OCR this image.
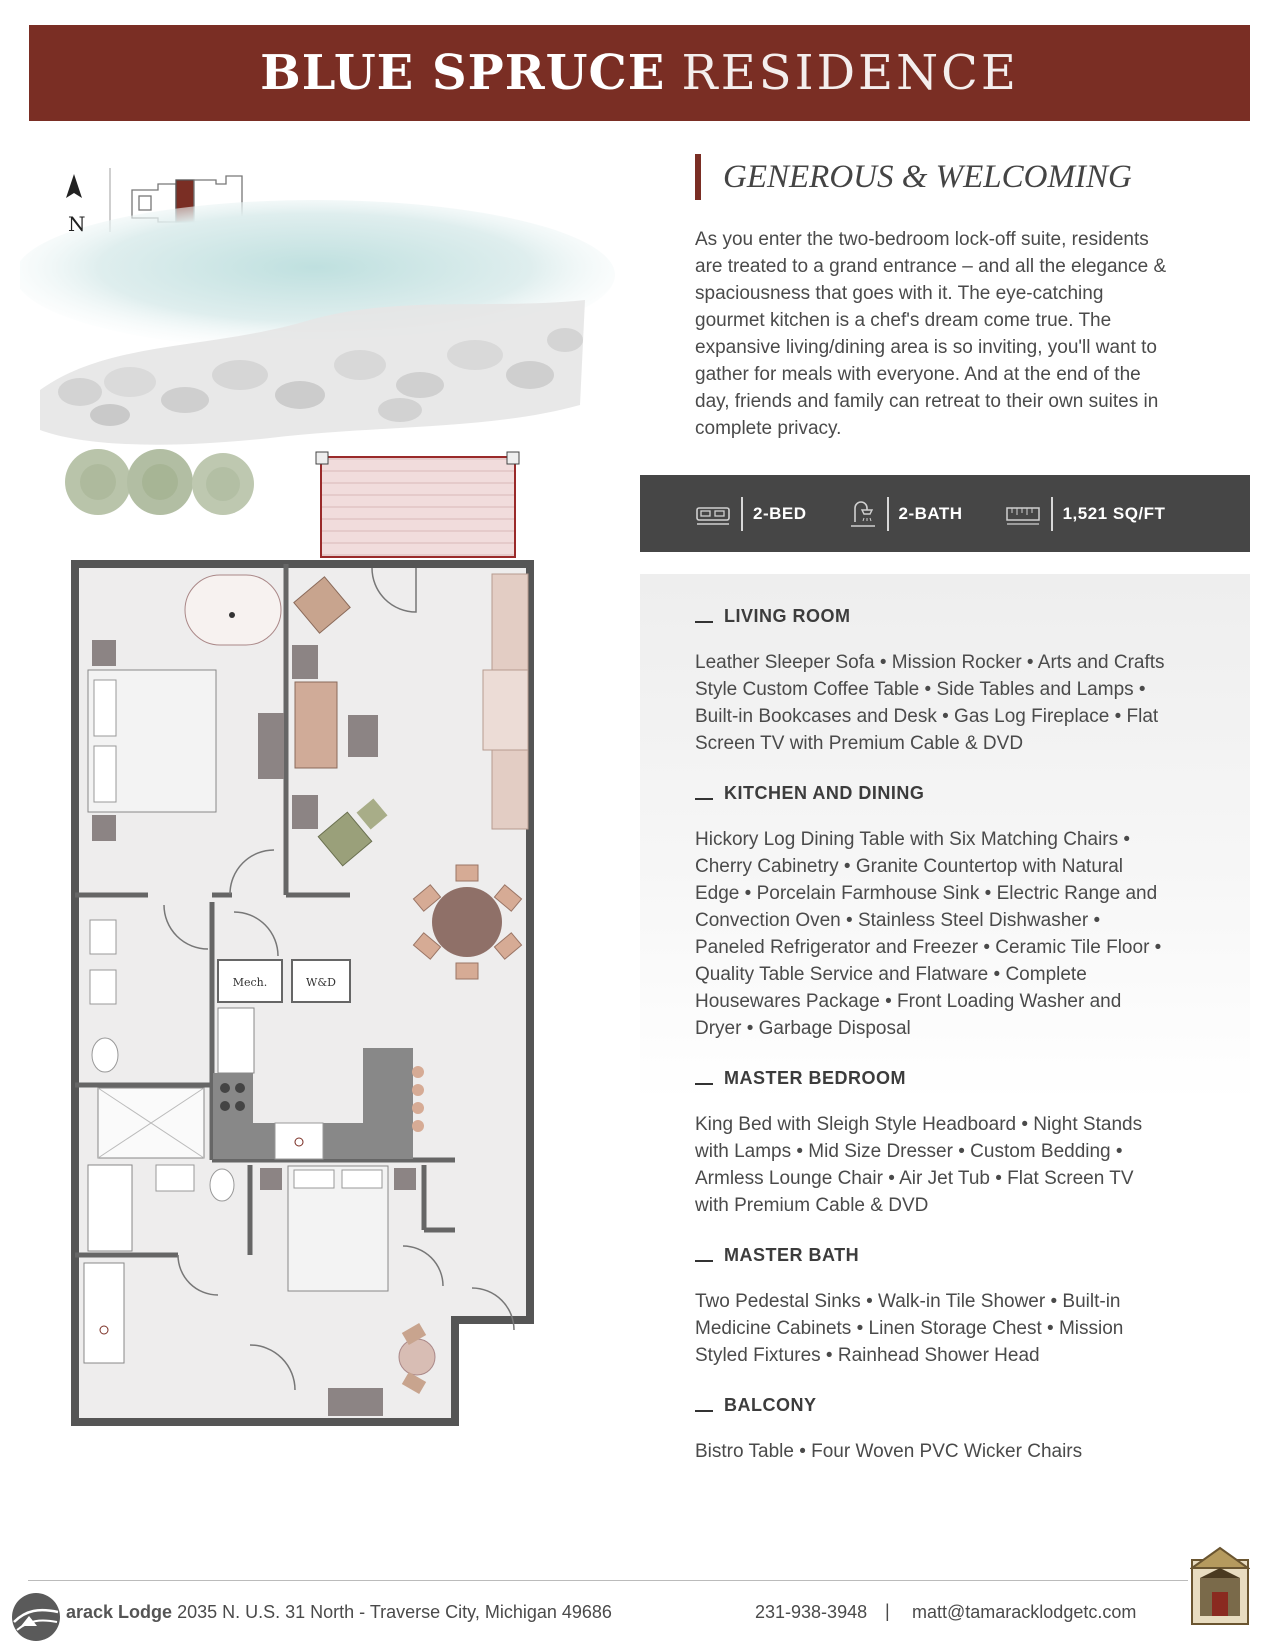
BLUE SPRUCE RESIDENCE
Mech.	W&D
N
GENEROUS & WELCOMING
As you enter the two-bedroom lock-off suite, residents
are treated to a grand entrance – and all the elegance &
spaciousness that goes with it. The eye-catching
gourmet kitchen is a chef's dream come true. The
expansive living/dining area is so inviting, you'll want to
gather for meals with everyone. And at the end of the
day, friends and family can retreat to their own suites in
complete privacy.
2-BED	2-BATH	1,521 SQ/FT
LIVING ROOM
Leather Sleeper Sofa • Mission Rocker • Arts and Crafts
Style Custom Coffee Table • Side Tables and Lamps •
Built-in Bookcases and Desk • Gas Log Fireplace • Flat
Screen TV with Premium Cable & DVD
KITCHEN AND DINING
Hickory Log Dining Table with Six Matching Chairs •
Cherry Cabinetry • Granite Countertop with Natural
Edge • Porcelain Farmhouse Sink • Electric Range and
Convection Oven • Stainless Steel Dishwasher •
Paneled Refrigerator and Freezer • Ceramic Tile Floor •
Quality Table Service and Flatware • Complete
Housewares Package • Front Loading Washer and
Dryer • Garbage Disposal
MASTER BEDROOM
King Bed with Sleigh Style Headboard • Night Stands
with Lamps • Mid Size Dresser • Custom Bedding •
Armless Lounge Chair • Air Jet Tub • Flat Screen TV
with Premium Cable & DVD
MASTER BATH
Two Pedestal Sinks • Walk-in Tile Shower • Built-in
Medicine Cabinets • Linen Storage Chest • Mission
Styled Fixtures • Rainhead Shower Head
BALCONY
Bistro Table • Four Woven PVC Wicker Chairs
arack Lodge 2035 N. U.S. 31 North - Traverse City, Michigan 49686	231-938-3948 | matt@tamaracklodgetc.com
